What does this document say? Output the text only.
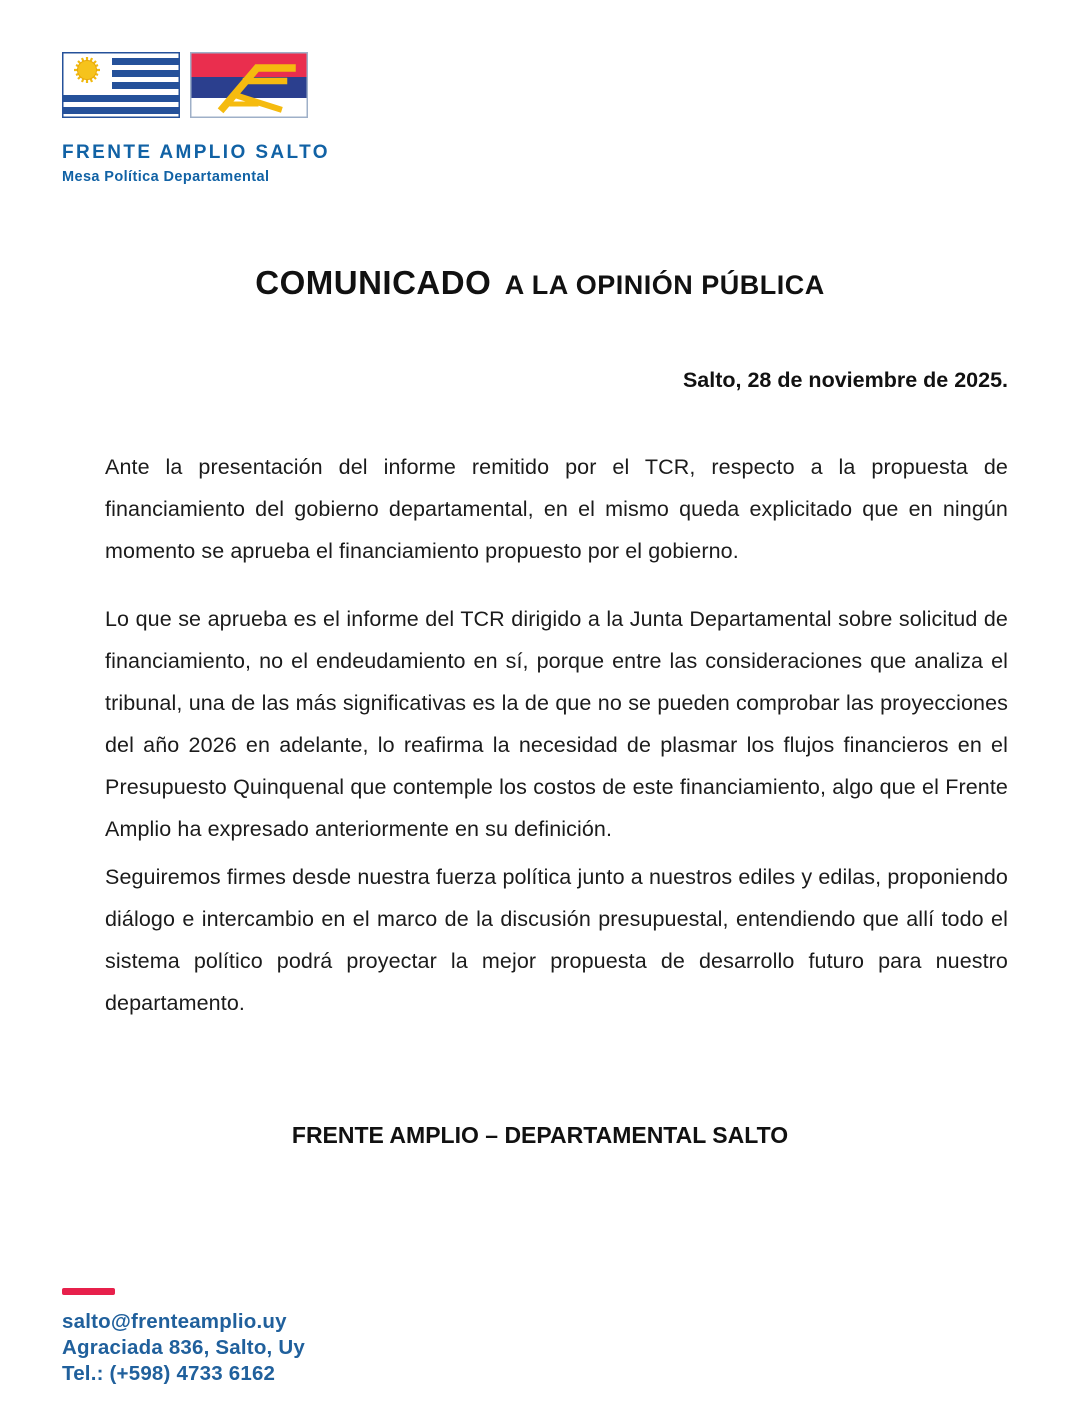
FRENTE AMPLIO SALTO
Mesa Política Departamental
COMUNICADO A LA OPINIÓN PÚBLICA
Salto, 28 de noviembre de 2025.

Ante la presentación del informe remitido por el TCR, respecto a la propuesta de financiamiento del gobierno departamental, en el mismo queda explicitado que en ningún momento se aprueba el financiamiento propuesto por el gobierno.

Lo que se aprueba es el informe del TCR dirigido a la Junta Departamental sobre solicitud de financiamiento, no el endeudamiento en sí, porque entre las consideraciones que analiza el tribunal, una de las más significativas es la de que no se pueden comprobar las proyecciones del año 2026 en adelante, lo reafirma la necesidad de plasmar los flujos financieros en el Presupuesto Quinquenal que contemple los costos de este financiamiento, algo que el Frente Amplio ha expresado anteriormente en su definición.

Seguiremos firmes desde nuestra fuerza política junto a nuestros ediles y edilas, proponiendo diálogo e intercambio en el marco de la discusión presupuestal, entendiendo que allí todo el sistema político podrá proyectar la mejor propuesta de desarrollo futuro para nuestro departamento.

FRENTE AMPLIO – DEPARTAMENTAL SALTO
salto@frenteamplio.uy
Agraciada 836, Salto, Uy
Tel.: (+598) 4733 6162
